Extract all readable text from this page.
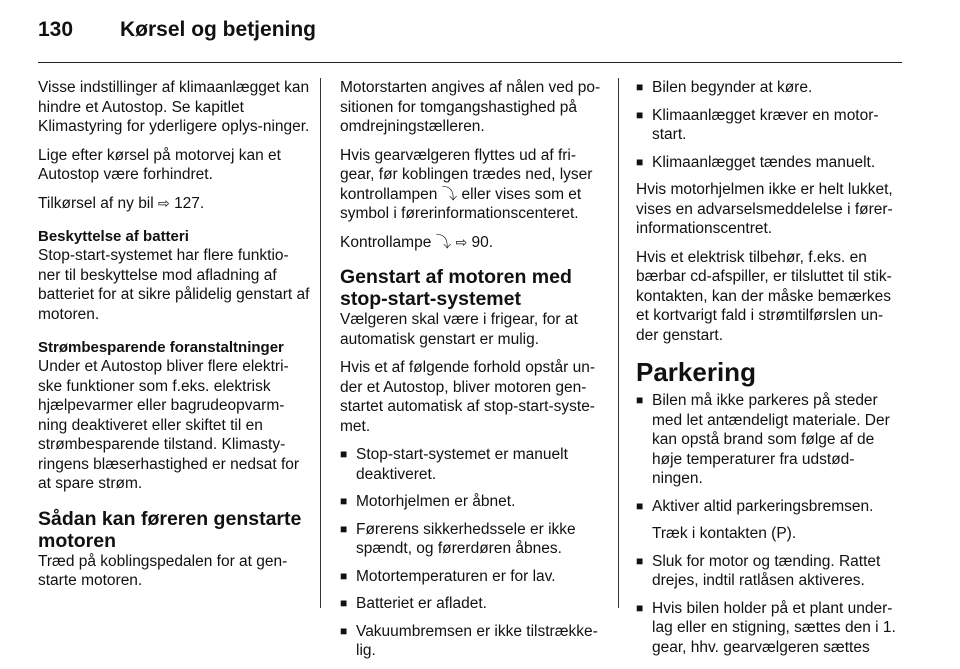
130	Kørsel og betjening

Visse indstillinger af klimaanlægget kan hindre et Autostop. Se kapitlet Klimastyring for yderligere oplys-ninger.

Lige efter kørsel på motorvej kan et Autostop være forhindret.

Tilkørsel af ny bil ⇨ 127.

Beskyttelse af batteri

Stop-start-systemet har flere funktio-ner til beskyttelse mod afladning af batteriet for at sikre pålidelig genstart af motoren.

Strømbesparende foranstaltninger

Under et Autostop bliver flere elektri-ske funktioner som f.eks. elektrisk hjælpevarmer eller bagrudeopvarm-ning deaktiveret eller skiftet til en strømbesparende tilstand. Klimasty-ringens blæserhastighed er nedsat for at spare strøm.

Sådan kan føreren genstarte motoren

Træd på koblingspedalen for at gen-starte motoren.

Motorstarten angives af nålen ved po-sitionen for tomgangshastighed på omdrejningstælleren.

Hvis gearvælgeren flyttes ud af fri-gear, før koblingen trædes ned, lyser kontrollampen ⤵ eller vises som et symbol i førerinformationscenteret.

Kontrollampe ⤵ ⇨ 90.

Genstart af motoren med stop-start-systemet

Vælgeren skal være i frigear, for at automatisk genstart er mulig.

Hvis et af følgende forhold opstår un-der et Autostop, bliver motoren gen-startet automatisk af stop-start-syste-met.

■ Stop-start-systemet er manuelt deaktiveret.
■ Motorhjelmen er åbnet.
■ Førerens sikkerhedssele er ikke spændt, og førerdøren åbnes.
■ Motortemperaturen er for lav.
■ Batteriet er afladet.
■ Vakuumbremsen er ikke tilstrække-lig.
■ Bilen begynder at køre.
■ Klimaanlægget kræver en motor-start.
■ Klimaanlægget tændes manuelt.

Hvis motorhjelmen ikke er helt lukket, vises en advarselsmeddelelse i fører-informationscentret.

Hvis et elektrisk tilbehør, f.eks. en bærbar cd-afspiller, er tilsluttet til stik-kontakten, kan der måske bemærkes et kortvarigt fald i strømtilførslen un-der genstart.

Parkering
■ Bilen må ikke parkeres på steder med let antændeligt materiale. Der kan opstå brand som følge af de høje temperaturer fra udstød-ningen.
■ Aktiver altid parkeringsbremsen.
Træk i kontakten (P).
■ Sluk for motor og tænding. Rattet drejes, indtil ratlåsen aktiveres.
■ Hvis bilen holder på et plant under-lag eller en stigning, sættes den i 1. gear, hhv. gearvælgeren sættes
